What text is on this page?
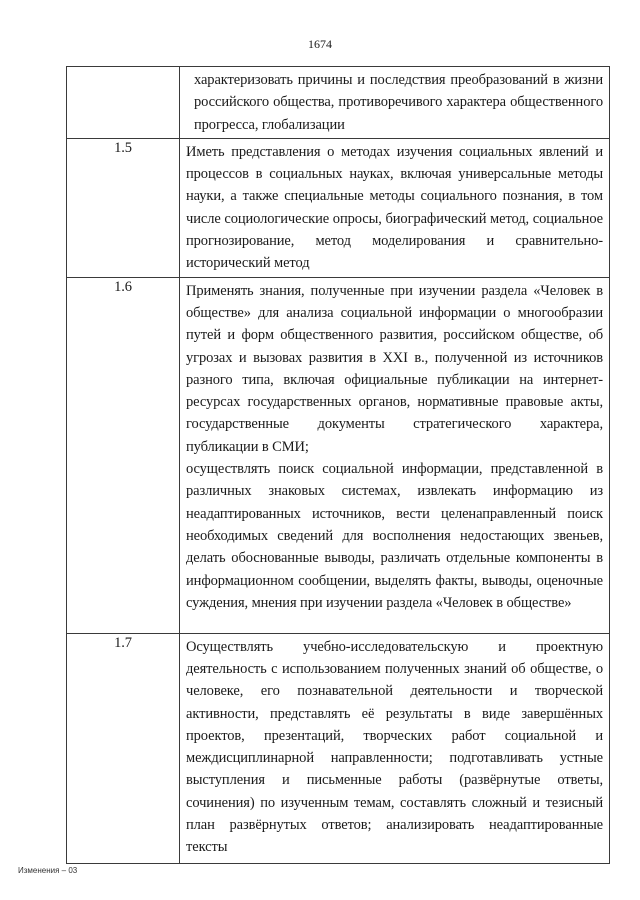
1674

	характеризовать причины и последствия преобразований в жизни российского общества, противоречивого характера общественного прогресса, глобализации

1.5	Иметь представления о методах изучения социальных явлений и процессов в социальных науках, включая универсальные методы науки, а также специальные методы социального познания, в том числе социологические опросы, биографический метод, социальное прогнозирование, метод моделирования и сравнительно-исторический метод

1.6	Применять знания, полученные при изучении раздела «Человек в обществе» для анализа социальной информации о многообразии путей и форм общественного развития, российском обществе, об угрозах и вызовах развития в XXI в., полученной из источников разного типа, включая официальные публикации на интернет-ресурсах государственных органов, нормативные правовые акты, государственные документы стратегического характера, публикации в СМИ;
осуществлять поиск социальной информации, представленной в различных знаковых системах, извлекать информацию из неадаптированных источников, вести целенаправленный поиск необходимых сведений для восполнения недостающих звеньев, делать обоснованные выводы, различать отдельные компоненты в информационном сообщении, выделять факты, выводы, оценочные суждения, мнения при изучении раздела «Человек в обществе»

1.7	Осуществлять учебно-исследовательскую и проектную деятельность с использованием полученных знаний об обществе, о человеке, его познавательной деятельности и творческой активности, представлять её результаты в виде завершённых проектов, презентаций, творческих работ социальной и междисциплинарной направленности; подготавливать устные выступления и письменные работы (развёрнутые ответы, сочинения) по изученным темам, составлять сложный и тезисный план развёрнутых ответов; анализировать неадаптированные тексты
Изменения – 03
